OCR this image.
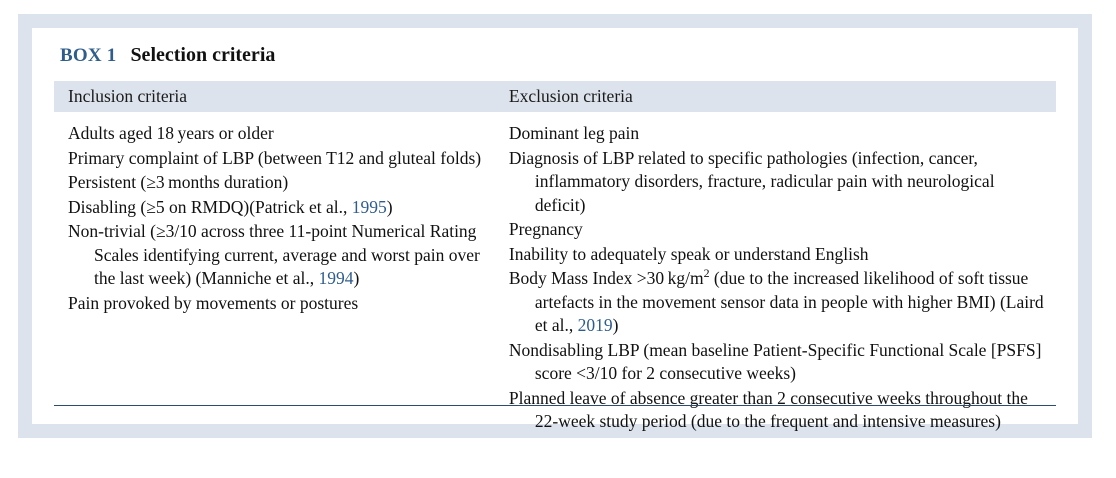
BOX 1 Selection criteria
Inclusion criteria	Exclusion criteria
Adults aged 18 years or older
Primary complaint of LBP (between T12 and gluteal folds)
Persistent (≥3 months duration)
Disabling (≥5 on RMDQ)(Patrick et al., 1995)
Non-trivial (≥3/10 across three 11-point Numerical Rating Scales identifying current, average and worst pain over the last week) (Manniche et al., 1994)
Pain provoked by movements or postures
Dominant leg pain
Diagnosis of LBP related to specific pathologies (infection, cancer, inflammatory disorders, fracture, radicular pain with neurological deficit)
Pregnancy
Inability to adequately speak or understand English
Body Mass Index >30 $kg/m^2$ (due to the increased likelihood of soft tissue artefacts in the movement sensor data in people with higher BMI) (Laird et al., 2019)
Nondisabling LBP (mean baseline Patient-Specific Functional Scale [PSFS] score <3/10 for 2 consecutive weeks)
Planned leave of absence greater than 2 consecutive weeks throughout the 22-week study period (due to the frequent and intensive measures)
